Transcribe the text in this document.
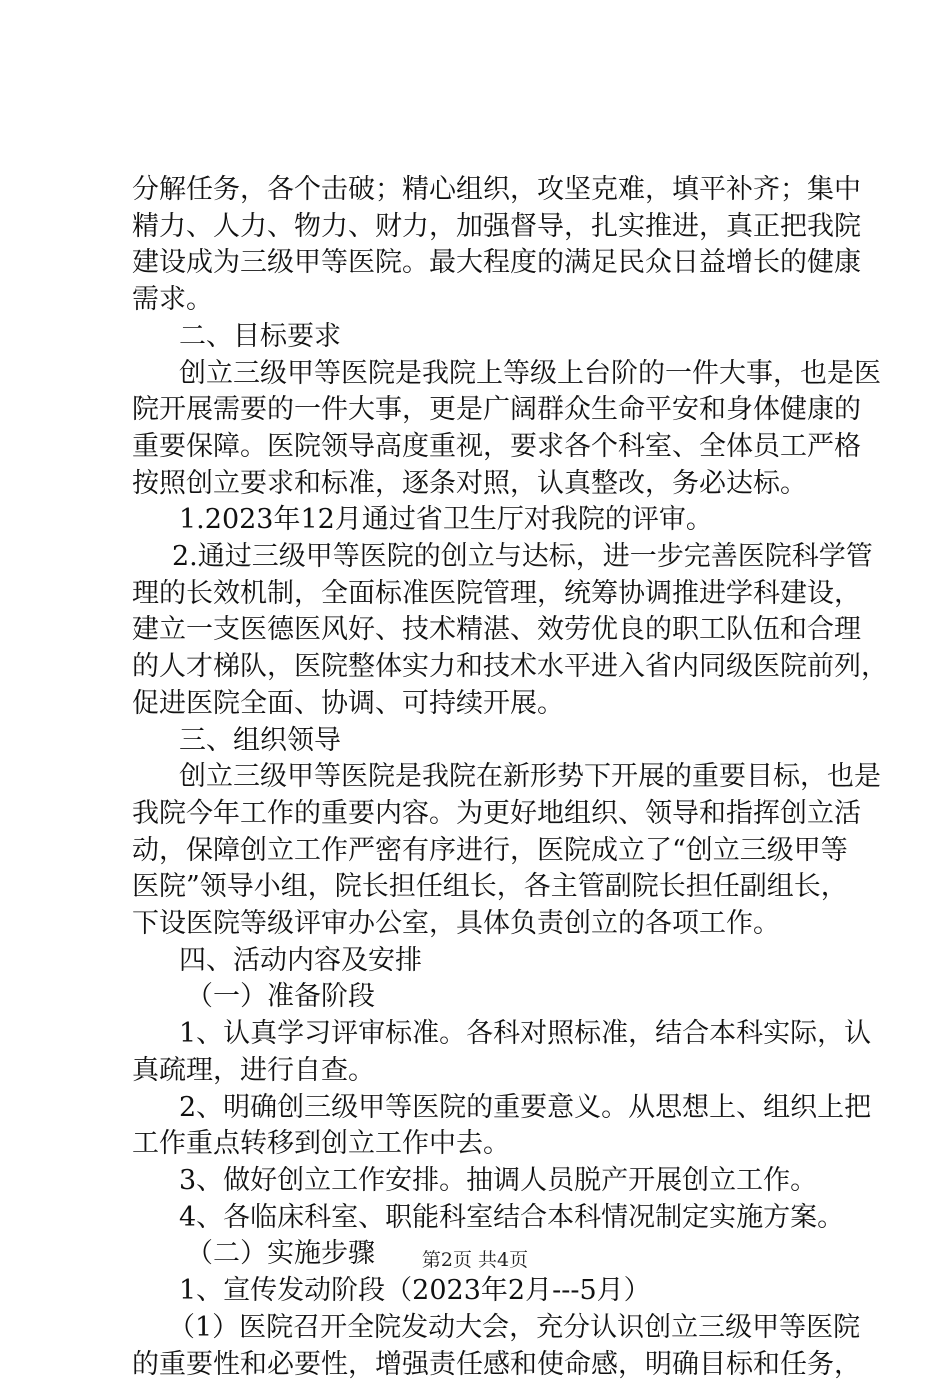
分解任务，各个击破；精心组织，攻坚克难，填平补齐；集中
精力、人力、物力、财力，加强督导，扎实推进，真正把我院
建设成为三级甲等医院。最大程度的满足民众日益增长的健康
需求。

二、目标要求

创立三级甲等医院是我院上等级上台阶的一件大事，也是医
院开展需要的一件大事，更是广阔群众生命平安和身体健康的
重要保障。医院领导高度重视，要求各个科室、全体员工严格
按照创立要求和标准，逐条对照，认真整改，务必达标。

1.2023年12月通过省卫生厅对我院的评审。

2.通过三级甲等医院的创立与达标，进一步完善医院科学管
理的长效机制，全面标准医院管理，统筹协调推进学科建设，
建立一支医德医风好、技术精湛、效劳优良的职工队伍和合理
的人才梯队，医院整体实力和技术水平进入省内同级医院前列，
促进医院全面、协调、可持续开展。

三、组织领导

创立三级甲等医院是我院在新形势下开展的重要目标，也是
我院今年工作的重要内容。为更好地组织、领导和指挥创立活
动，保障创立工作严密有序进行，医院成立了“创立三级甲等
医院”领导小组，院长担任组长，各主管副院长担任副组长，
下设医院等级评审办公室，具体负责创立的各项工作。

四、活动内容及安排

（一）准备阶段

1、认真学习评审标准。各科对照标准，结合本科实际，认
真疏理，进行自查。

2、明确创三级甲等医院的重要意义。从思想上、组织上把
工作重点转移到创立工作中去。

3、做好创立工作安排。抽调人员脱产开展创立工作。

4、各临床科室、职能科室结合本科情况制定实施方案。

（二）实施步骤

1、宣传发动阶段（2023年2月---5月）

（1）医院召开全院发动大会，充分认识创立三级甲等医院
的重要性和必要性，增强责任感和使命感，明确目标和任务，

第2页 共4页
